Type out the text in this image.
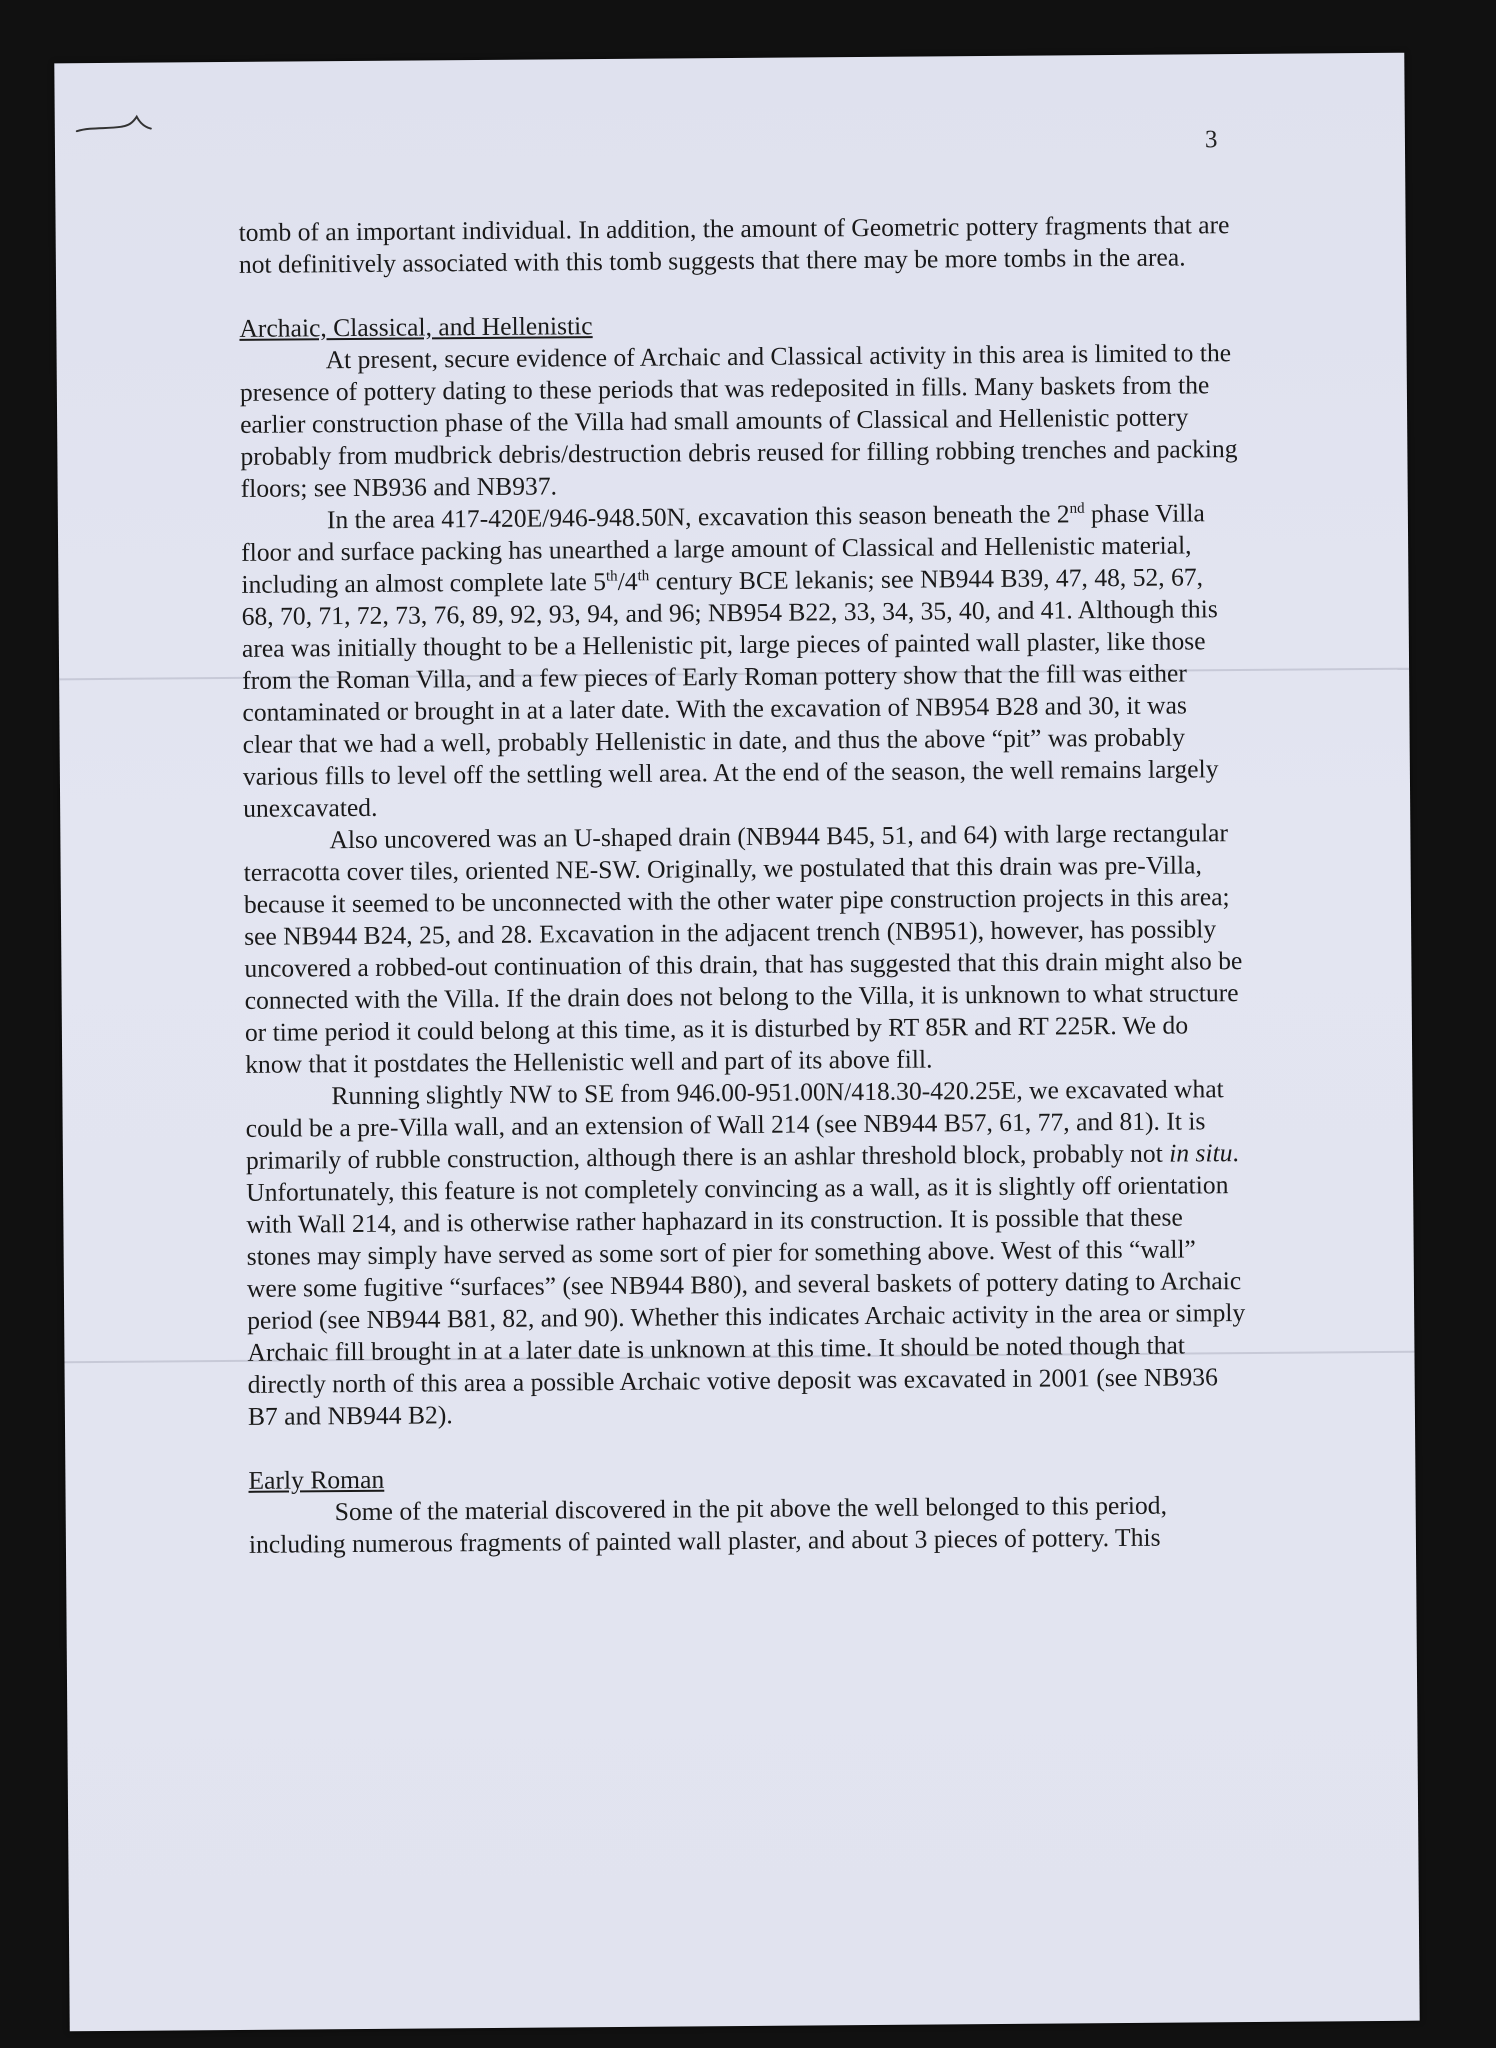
3

tomb of an important individual. In addition, the amount of Geometric pottery fragments that are not definitively associated with this tomb suggests that there may be more tombs in the area.

Archaic, Classical, and Hellenistic

At present, secure evidence of Archaic and Classical activity in this area is limited to the presence of pottery dating to these periods that was redeposited in fills. Many baskets from the earlier construction phase of the Villa had small amounts of Classical and Hellenistic pottery probably from mudbrick debris/destruction debris reused for filling robbing trenches and packing floors; see NB936 and NB937.

In the area 417-420E/946-948.50N, excavation this season beneath the 2nd phase Villa floor and surface packing has unearthed a large amount of Classical and Hellenistic material, including an almost complete late 5th/4th century BCE lekanis; see NB944 B39, 47, 48, 52, 67, 68, 70, 71, 72, 73, 76, 89, 92, 93, 94, and 96; NB954 B22, 33, 34, 35, 40, and 41. Although this area was initially thought to be a Hellenistic pit, large pieces of painted wall plaster, like those from the Roman Villa, and a few pieces of Early Roman pottery show that the fill was either contaminated or brought in at a later date. With the excavation of NB954 B28 and 30, it was clear that we had a well, probably Hellenistic in date, and thus the above “pit” was probably various fills to level off the settling well area. At the end of the season, the well remains largely unexcavated.

Also uncovered was an U-shaped drain (NB944 B45, 51, and 64) with large rectangular terracotta cover tiles, oriented NE-SW. Originally, we postulated that this drain was pre-Villa, because it seemed to be unconnected with the other water pipe construction projects in this area; see NB944 B24, 25, and 28. Excavation in the adjacent trench (NB951), however, has possibly uncovered a robbed-out continuation of this drain, that has suggested that this drain might also be connected with the Villa. If the drain does not belong to the Villa, it is unknown to what structure or time period it could belong at this time, as it is disturbed by RT 85R and RT 225R. We do know that it postdates the Hellenistic well and part of its above fill.

Running slightly NW to SE from 946.00-951.00N/418.30-420.25E, we excavated what could be a pre-Villa wall, and an extension of Wall 214 (see NB944 B57, 61, 77, and 81). It is primarily of rubble construction, although there is an ashlar threshold block, probably not in situ. Unfortunately, this feature is not completely convincing as a wall, as it is slightly off orientation with Wall 214, and is otherwise rather haphazard in its construction. It is possible that these stones may simply have served as some sort of pier for something above. West of this “wall” were some fugitive “surfaces” (see NB944 B80), and several baskets of pottery dating to Archaic period (see NB944 B81, 82, and 90). Whether this indicates Archaic activity in the area or simply Archaic fill brought in at a later date is unknown at this time. It should be noted though that directly north of this area a possible Archaic votive deposit was excavated in 2001 (see NB936 B7 and NB944 B2).

Early Roman

Some of the material discovered in the pit above the well belonged to this period, including numerous fragments of painted wall plaster, and about 3 pieces of pottery. This
